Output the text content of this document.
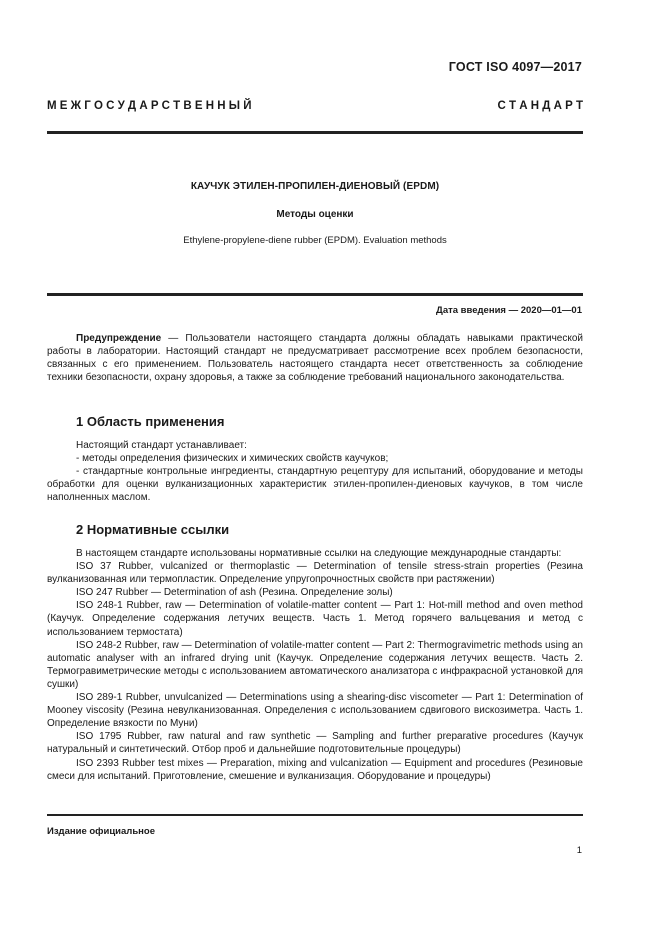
ГОСТ ISO 4097—2017
М Е Ж Г О С У Д А Р С Т В Е Н Н Ы Й	С Т А Н Д А Р Т
КАУЧУК ЭТИЛЕН-ПРОПИЛЕН-ДИЕНОВЫЙ (EPDM)
Методы оценки
Ethylene-propylene-diene rubber (EPDM). Evaluation methods
Дата введения — 2020—01—01

Предупреждение — Пользователи настоящего стандарта должны обладать навыками практической работы в лаборатории. Настоящий стандарт не предусматривает рассмотрение всех проблем безопасности, связанных с его применением. Пользователь настоящего стандарта несет ответственность за соблюдение техники безопасности, охрану здоровья, а также за соблюдение требований национального законодательства.

1 Область применения

Настоящий стандарт устанавливает:

- методы определения физических и химических свойств каучуков;

- стандартные контрольные ингредиенты, стандартную рецептуру для испытаний, оборудование и методы обработки для оценки вулканизационных характеристик этилен-пропилен-диеновых каучуков, в том числе наполненных маслом.

2 Нормативные ссылки

В настоящем стандарте использованы нормативные ссылки на следующие международные стандарты:

ISO 37 Rubber, vulcanized or thermoplastic — Determination of tensile stress-strain properties (Резина вулканизованная или термопластик. Определение упругопрочностных свойств при растяжении)

ISO 247 Rubber — Determination of ash (Резина. Определение золы)

ISO 248-1 Rubber, raw — Determination of volatile-matter content — Part 1: Hot-mill method and oven method (Каучук. Определение содержания летучих веществ. Часть 1. Метод горячего вальцевания и метод с использованием термостата)

ISO 248-2 Rubber, raw — Determination of volatile-matter content — Part 2: Thermogravimetric methods using an automatic analyser with an infrared drying unit (Каучук. Определение содержания летучих веществ. Часть 2. Термогравиметрические методы с использованием автоматического анализатора с инфракрасной установкой для сушки)

ISO 289-1 Rubber, unvulcanized — Determinations using a shearing-disc viscometer — Part 1: Determination of Mooney viscosity (Резина невулканизованная. Определения с использованием сдвигового вискозиметра. Часть 1. Определение вязкости по Муни)

ISO 1795 Rubber, raw natural and raw synthetic — Sampling and further preparative procedures (Каучук натуральный и синтетический. Отбор проб и дальнейшие подготовительные процедуры)

ISO 2393 Rubber test mixes — Preparation, mixing and vulcanization — Equipment and procedures (Резиновые смеси для испытаний. Приготовление, смешение и вулканизация. Оборудование и процедуры)

Издание официальное
1
